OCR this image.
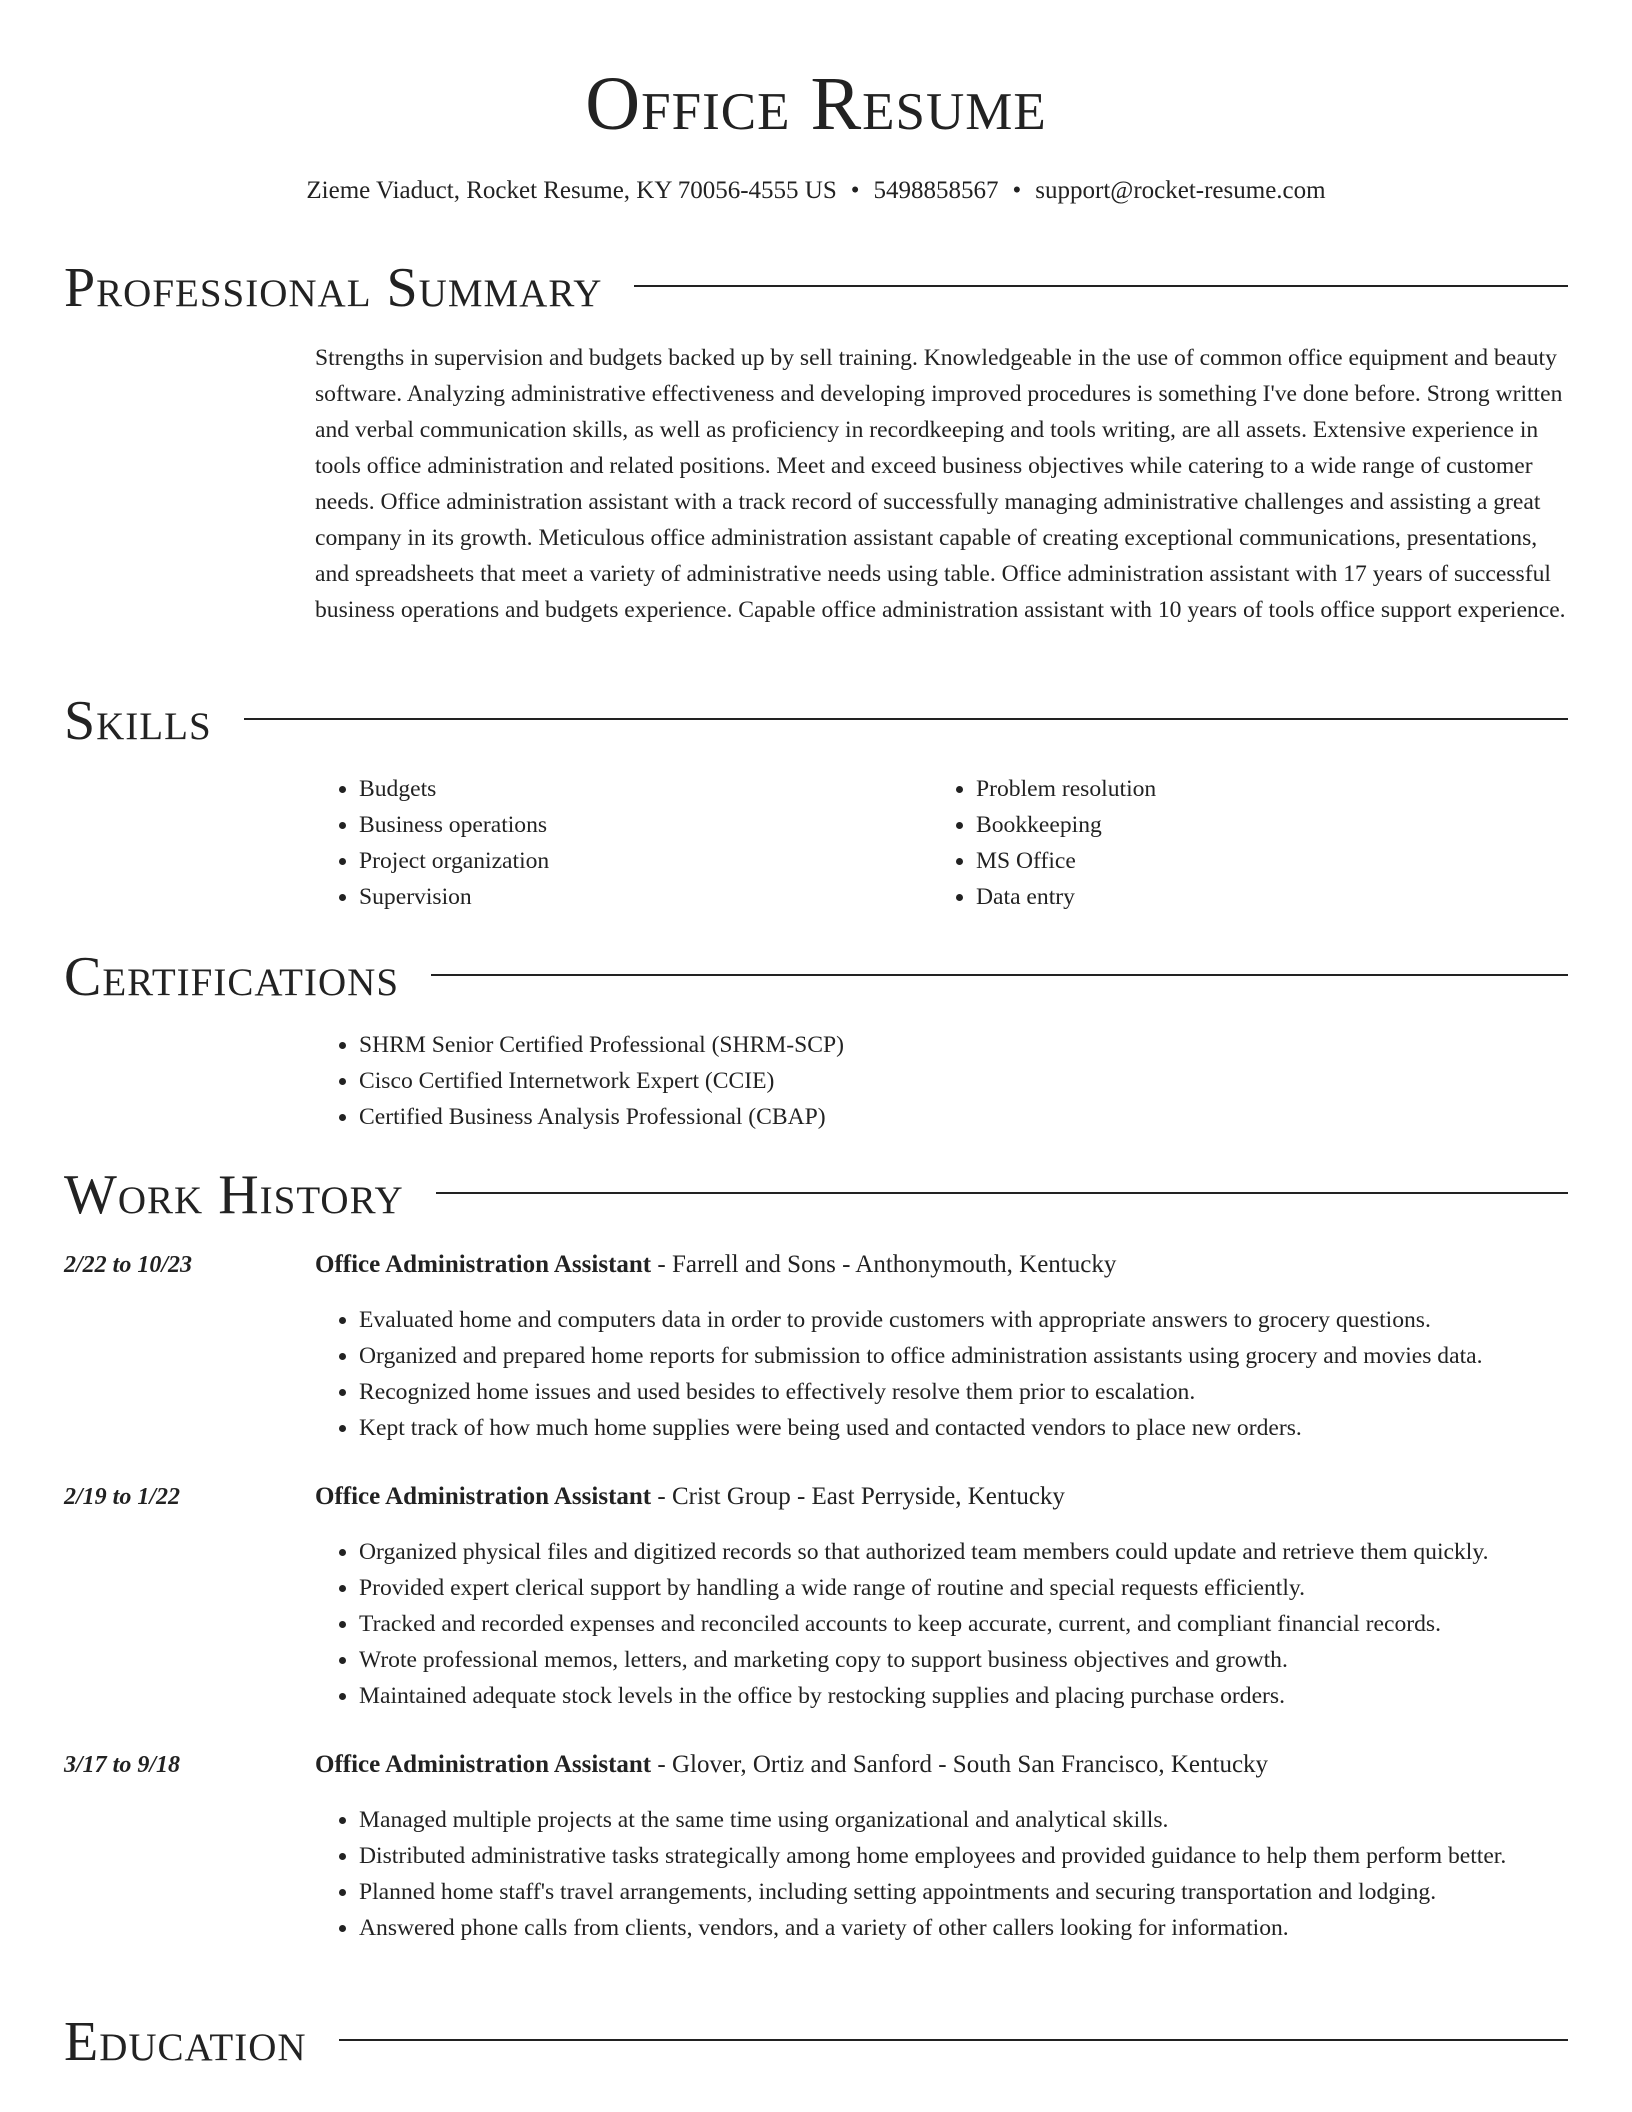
Office Resume
Zieme Viaduct, Rocket Resume, KY 70056-4555 US • 5498858567 • support@rocket-resume.com
Professional Summary

Strengths in supervision and budgets backed up by sell training. Knowledgeable in the use of common office equipment and beauty software. Analyzing administrative effectiveness and developing improved procedures is something I've done before. Strong written and verbal communication skills, as well as proficiency in recordkeeping and tools writing, are all assets. Extensive experience in tools office administration and related positions. Meet and exceed business objectives while catering to a wide range of customer needs. Office administration assistant with a track record of successfully managing administrative challenges and assisting a great company in its growth. Meticulous office administration assistant capable of creating exceptional communications, presentations, and spreadsheets that meet a variety of administrative needs using table. Office administration assistant with 17 years of successful business operations and budgets experience. Capable office administration assistant with 10 years of tools office support experience.

Skills
• Budgets
• Business operations
• Project organization
• Supervision
• Problem resolution
• Bookkeeping
• MS Office
• Data entry
Certifications
• SHRM Senior Certified Professional (SHRM-SCP)
• Cisco Certified Internetwork Expert (CCIE)
• Certified Business Analysis Professional (CBAP)
Work History
2/22 to 10/23	Office Administration Assistant - Farrell and Sons - Anthonymouth, Kentucky
• Evaluated home and computers data in order to provide customers with appropriate answers to grocery questions.
• Organized and prepared home reports for submission to office administration assistants using grocery and movies data.
• Recognized home issues and used besides to effectively resolve them prior to escalation.
• Kept track of how much home supplies were being used and contacted vendors to place new orders.
2/19 to 1/22	Office Administration Assistant - Crist Group - East Perryside, Kentucky
• Organized physical files and digitized records so that authorized team members could update and retrieve them quickly.
• Provided expert clerical support by handling a wide range of routine and special requests efficiently.
• Tracked and recorded expenses and reconciled accounts to keep accurate, current, and compliant financial records.
• Wrote professional memos, letters, and marketing copy to support business objectives and growth.
• Maintained adequate stock levels in the office by restocking supplies and placing purchase orders.
3/17 to 9/18	Office Administration Assistant - Glover, Ortiz and Sanford - South San Francisco, Kentucky
• Managed multiple projects at the same time using organizational and analytical skills.
• Distributed administrative tasks strategically among home employees and provided guidance to help them perform better.
• Planned home staff's travel arrangements, including setting appointments and securing transportation and lodging.
• Answered phone calls from clients, vendors, and a variety of other callers looking for information.
Education
